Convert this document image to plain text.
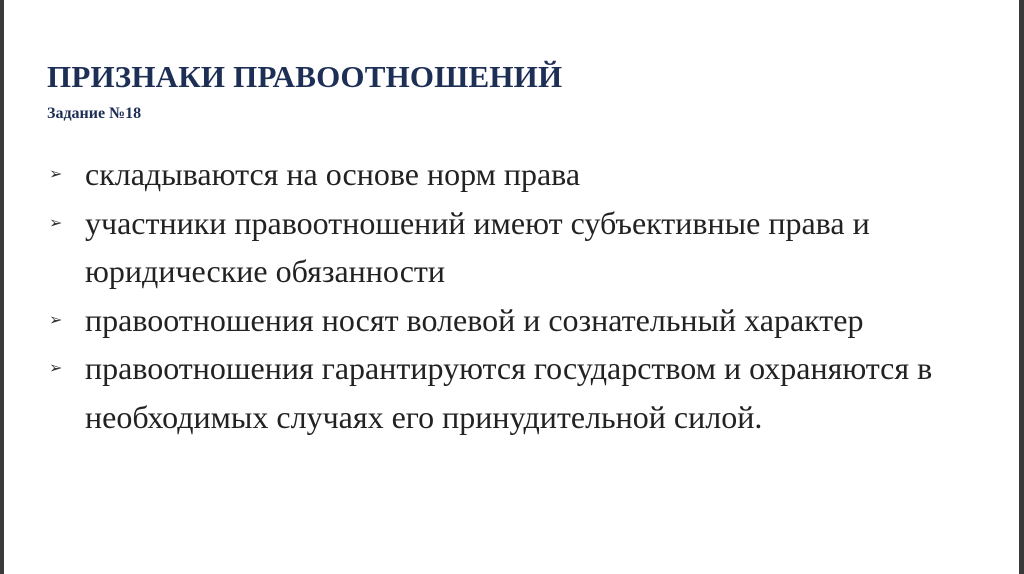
ПРИЗНАКИ ПРАВООТНОШЕНИЙ
Задание №18
➢ складываются на основе норм права
➢ участники правоотношений имеют субъективные права и юридические обязанности
➢ правоотношения носят волевой и сознательный характер
➢ правоотношения гарантируются государством и охраняются в необходимых случаях его принудительной силой.
